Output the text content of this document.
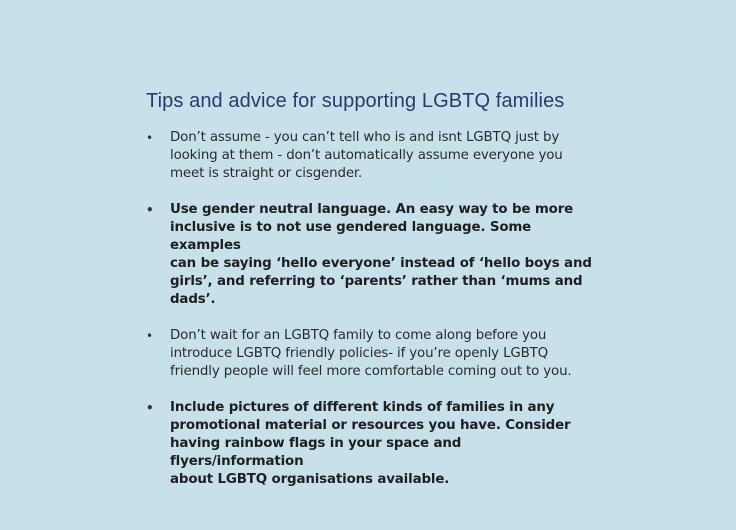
Tips and advice for supporting LGBTQ families
• Don’t assume - you can’t tell who is and isnt LGBTQ just by
looking at them - don’t automatically assume everyone you
meet is straight or cisgender.
• Use gender neutral language. An easy way to be more
inclusive is to not use gendered language. Some examples
can be saying ‘hello everyone’ instead of ‘hello boys and
girls’, and referring to ‘parents’ rather than ‘mums and dads’.
• Don’t wait for an LGBTQ family to come along before you
introduce LGBTQ friendly policies- if you’re openly LGBTQ
friendly people will feel more comfortable coming out to you.
• Include pictures of different kinds of families in any
promotional material or resources you have. Consider
having rainbow flags in your space and flyers/information
about LGBTQ organisations available.
